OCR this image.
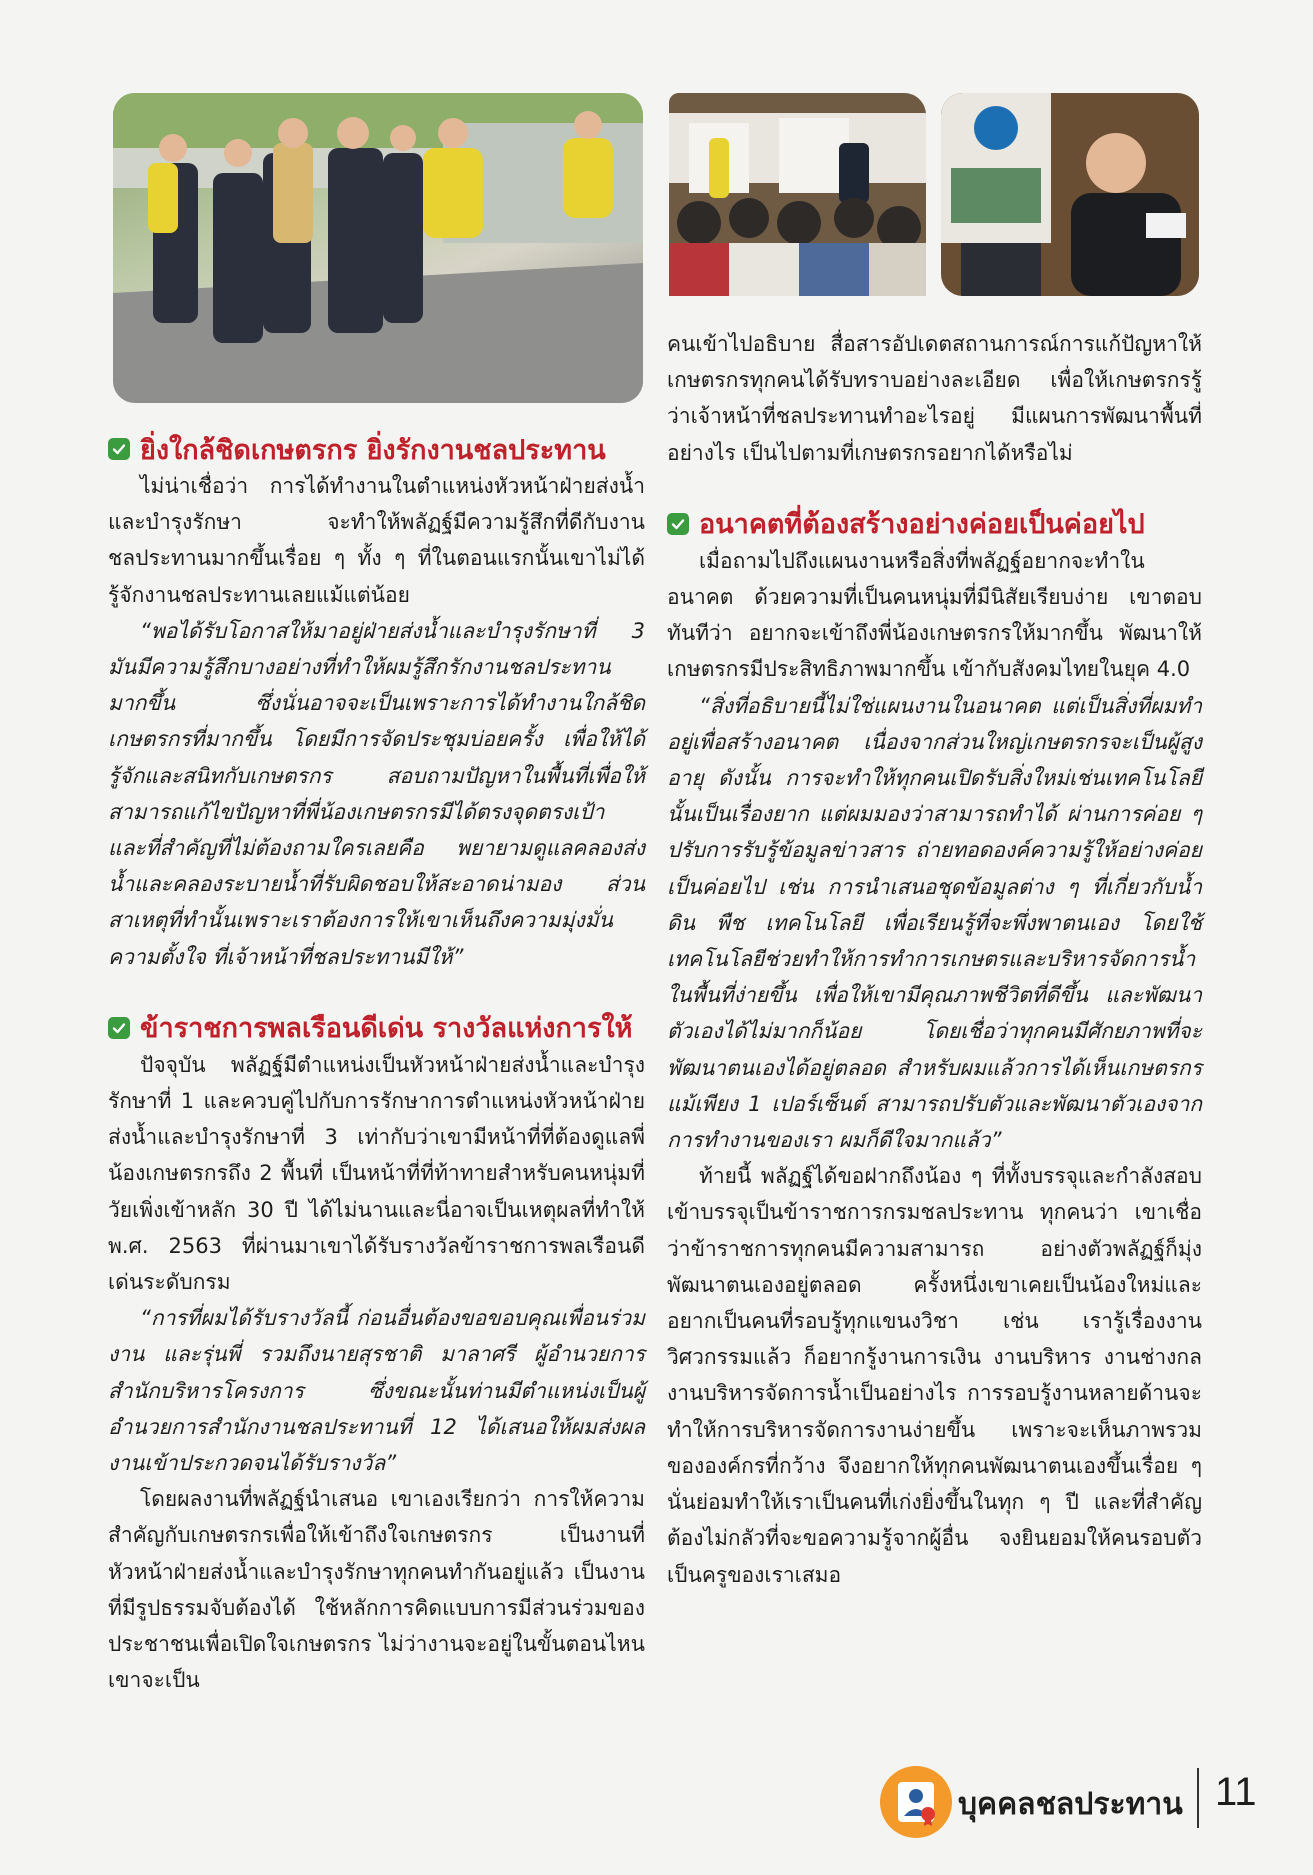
ยิ่งใกล้ชิดเกษตรกร ยิ่งรักงานชลประทาน

ไม่น่าเชื่อว่า การได้ทำงานในตำแหน่งหัวหน้าฝ่ายส่งน้ำและบำรุงรักษา จะทำให้พลัฏฐ์มีความรู้สึกที่ดีกับงานชลประทานมากขึ้นเรื่อย ๆ ทั้ง ๆ ที่ในตอนแรกนั้นเขาไม่ได้รู้จักงานชลประทานเลยแม้แต่น้อย

“พอได้รับโอกาสให้มาอยู่ฝ่ายส่งน้ำและบำรุงรักษาที่ 3 มันมีความรู้สึกบางอย่างที่ทำให้ผมรู้สึกรักงานชลประทานมากขึ้น ซึ่งนั่นอาจจะเป็นเพราะการได้ทำงานใกล้ชิดเกษตรกรที่มากขึ้น โดยมีการจัดประชุมบ่อยครั้ง เพื่อให้ได้รู้จักและสนิทกับเกษตรกร สอบถามปัญหาในพื้นที่เพื่อให้สามารถแก้ไขปัญหาที่พี่น้องเกษตรกรมีได้ตรงจุดตรงเป้า และที่สำคัญที่ไม่ต้องถามใครเลยคือ พยายามดูแลคลองส่งน้ำและคลองระบายน้ำที่รับผิดชอบให้สะอาดน่ามอง ส่วนสาเหตุที่ทำนั้นเพราะเราต้องการให้เขาเห็นถึงความมุ่งมั่น ความตั้งใจ ที่เจ้าหน้าที่ชลประทานมีให้”

ข้าราชการพลเรือนดีเด่น รางวัลแห่งการให้

ปัจจุบัน พลัฏฐ์มีตำแหน่งเป็นหัวหน้าฝ่ายส่งน้ำและบำรุงรักษาที่ 1 และควบคู่ไปกับการรักษาการตำแหน่งหัวหน้าฝ่ายส่งน้ำและบำรุงรักษาที่ 3 เท่ากับว่าเขามีหน้าที่ที่ต้องดูแลพี่น้องเกษตรกรถึง 2 พื้นที่ เป็นหน้าที่ที่ท้าทายสำหรับคนหนุ่มที่วัยเพิ่งเข้าหลัก 30 ปี ได้ไม่นานและนี่อาจเป็นเหตุผลที่ทำให้พ.ศ. 2563 ที่ผ่านมาเขาได้รับรางวัลข้าราชการพลเรือนดีเด่นระดับกรม

“การที่ผมได้รับรางวัลนี้ ก่อนอื่นต้องขอขอบคุณเพื่อนร่วมงาน และรุ่นพี่ รวมถึงนายสุรชาติ มาลาศรี ผู้อำนวยการสำนักบริหารโครงการ ซึ่งขณะนั้นท่านมีตำแหน่งเป็นผู้อำนวยการสำนักงานชลประทานที่ 12 ได้เสนอให้ผมส่งผลงานเข้าประกวดจนได้รับรางวัล”

โดยผลงานที่พลัฏฐ์นำเสนอ เขาเองเรียกว่า การให้ความสำคัญกับเกษตรกรเพื่อให้เข้าถึงใจเกษตรกร เป็นงานที่หัวหน้าฝ่ายส่งน้ำและบำรุงรักษาทุกคนทำกันอยู่แล้ว เป็นงานที่มีรูปธรรมจับต้องได้ ใช้หลักการคิดแบบการมีส่วนร่วมของประชาชนเพื่อเปิดใจเกษตรกร ไม่ว่างานจะอยู่ในขั้นตอนไหน เขาจะเป็น

คนเข้าไปอธิบาย สื่อสารอัปเดตสถานการณ์การแก้ปัญหาให้เกษตรกรทุกคนได้รับทราบอย่างละเอียด เพื่อให้เกษตรกรรู้ว่าเจ้าหน้าที่ชลประทานทำอะไรอยู่ มีแผนการพัฒนาพื้นที่อย่างไร เป็นไปตามที่เกษตรกรอยากได้หรือไม่

อนาคตที่ต้องสร้างอย่างค่อยเป็นค่อยไป

เมื่อถามไปถึงแผนงานหรือสิ่งที่พลัฏฐ์อยากจะทำในอนาคต ด้วยความที่เป็นคนหนุ่มที่มีนิสัยเรียบง่าย เขาตอบทันทีว่า อยากจะเข้าถึงพี่น้องเกษตรกรให้มากขึ้น พัฒนาให้เกษตรกรมีประสิทธิภาพมากขึ้น เข้ากับสังคมไทยในยุค 4.0

“สิ่งที่อธิบายนี้ไม่ใช่แผนงานในอนาคต แต่เป็นสิ่งที่ผมทำอยู่เพื่อสร้างอนาคต เนื่องจากส่วนใหญ่เกษตรกรจะเป็นผู้สูงอายุ ดังนั้น การจะทำให้ทุกคนเปิดรับสิ่งใหม่เช่นเทคโนโลยีนั้นเป็นเรื่องยาก แต่ผมมองว่าสามารถทำได้ ผ่านการค่อย ๆ ปรับการรับรู้ข้อมูลข่าวสาร ถ่ายทอดองค์ความรู้ให้อย่างค่อยเป็นค่อยไป เช่น การนำเสนอชุดข้อมูลต่าง ๆ ที่เกี่ยวกับน้ำ ดิน พืช เทคโนโลยี เพื่อเรียนรู้ที่จะพึ่งพาตนเอง โดยใช้เทคโนโลยีช่วยทำให้การทำการเกษตรและบริหารจัดการน้ำในพื้นที่ง่ายขึ้น เพื่อให้เขามีคุณภาพชีวิตที่ดีขึ้น และพัฒนาตัวเองได้ไม่มากก็น้อย โดยเชื่อว่าทุกคนมีศักยภาพที่จะพัฒนาตนเองได้อยู่ตลอด สำหรับผมแล้วการได้เห็นเกษตรกรแม้เพียง 1 เปอร์เซ็นต์ สามารถปรับตัวและพัฒนาตัวเองจากการทำงานของเรา ผมก็ดีใจมากแล้ว”

ท้ายนี้ พลัฏฐ์ได้ขอฝากถึงน้อง ๆ ที่ทั้งบรรจุและกำลังสอบเข้าบรรจุเป็นข้าราชการกรมชลประทาน ทุกคนว่า เขาเชื่อว่าข้าราชการทุกคนมีความสามารถ อย่างตัวพลัฏฐ์ก็มุ่งพัฒนาตนเองอยู่ตลอด ครั้งหนึ่งเขาเคยเป็นน้องใหม่และอยากเป็นคนที่รอบรู้ทุกแขนงวิชา เช่น เรารู้เรื่องงานวิศวกรรมแล้ว ก็อยากรู้งานการเงิน งานบริหาร งานช่างกล งานบริหารจัดการน้ำเป็นอย่างไร การรอบรู้งานหลายด้านจะทำให้การบริหารจัดการงานง่ายขึ้น เพราะจะเห็นภาพรวมขององค์กรที่กว้าง จึงอยากให้ทุกคนพัฒนาตนเองขึ้นเรื่อย ๆ นั่นย่อมทำให้เราเป็นคนที่เก่งยิ่งขึ้นในทุก ๆ ปี และที่สำคัญต้องไม่กลัวที่จะขอความรู้จากผู้อื่น จงยินยอมให้คนรอบตัวเป็นครูของเราเสมอ

บุคคลชลประทาน 11
